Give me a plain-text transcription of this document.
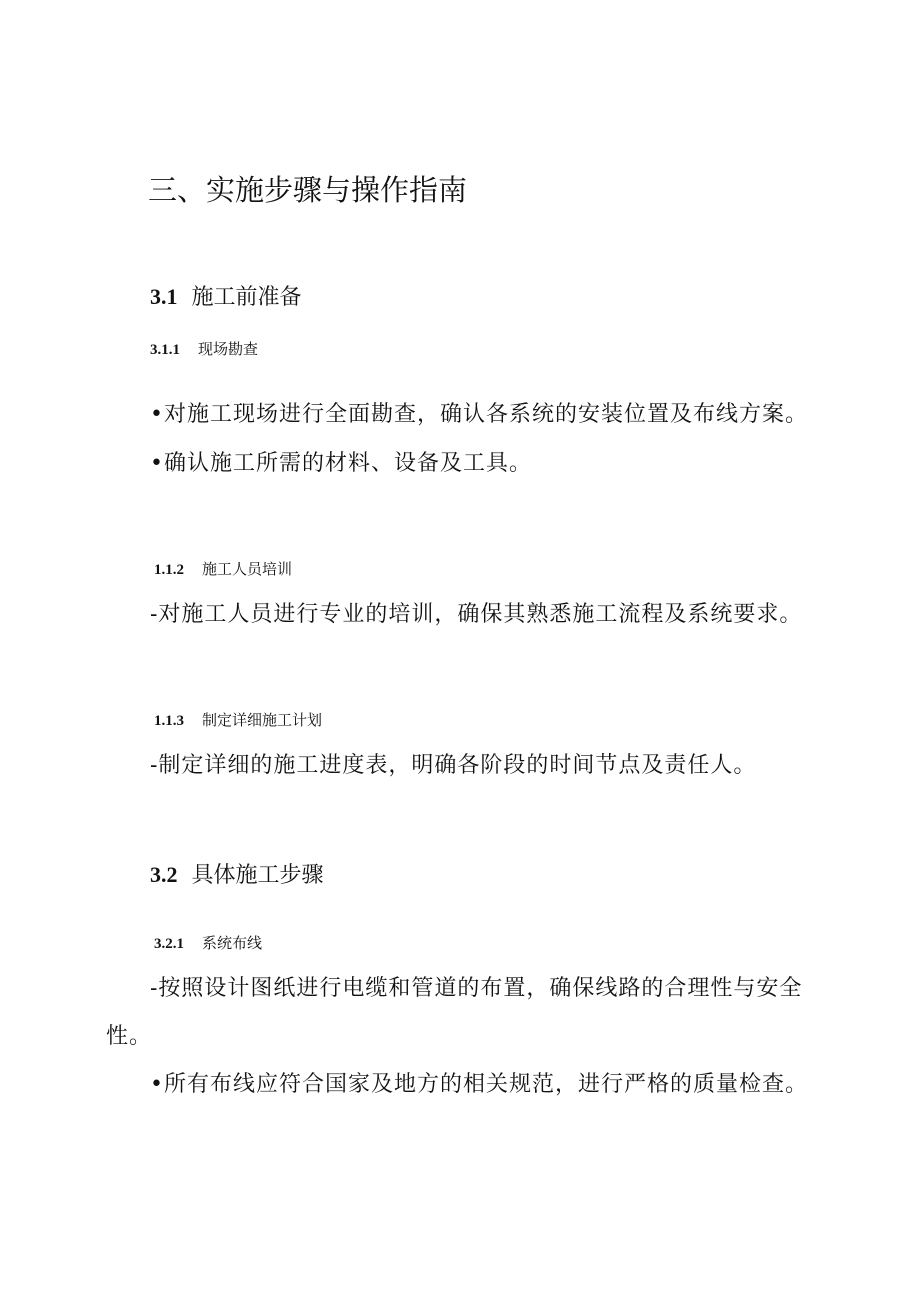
三、实施步骤与操作指南
3.1 施工前准备
3.1.1 现场勘查
•对施工现场进行全面勘查，确认各系统的安装位置及布线方案。
•确认施工所需的材料、设备及工具。
1.1.2 施工人员培训
-对施工人员进行专业的培训，确保其熟悉施工流程及系统要求。
1.1.3 制定详细施工计划
-制定详细的施工进度表，明确各阶段的时间节点及责任人。
3.2 具体施工步骤
3.2.1 系统布线
-按照设计图纸进行电缆和管道的布置，确保线路的合理性与安全
性。
•所有布线应符合国家及地方的相关规范，进行严格的质量检查。
